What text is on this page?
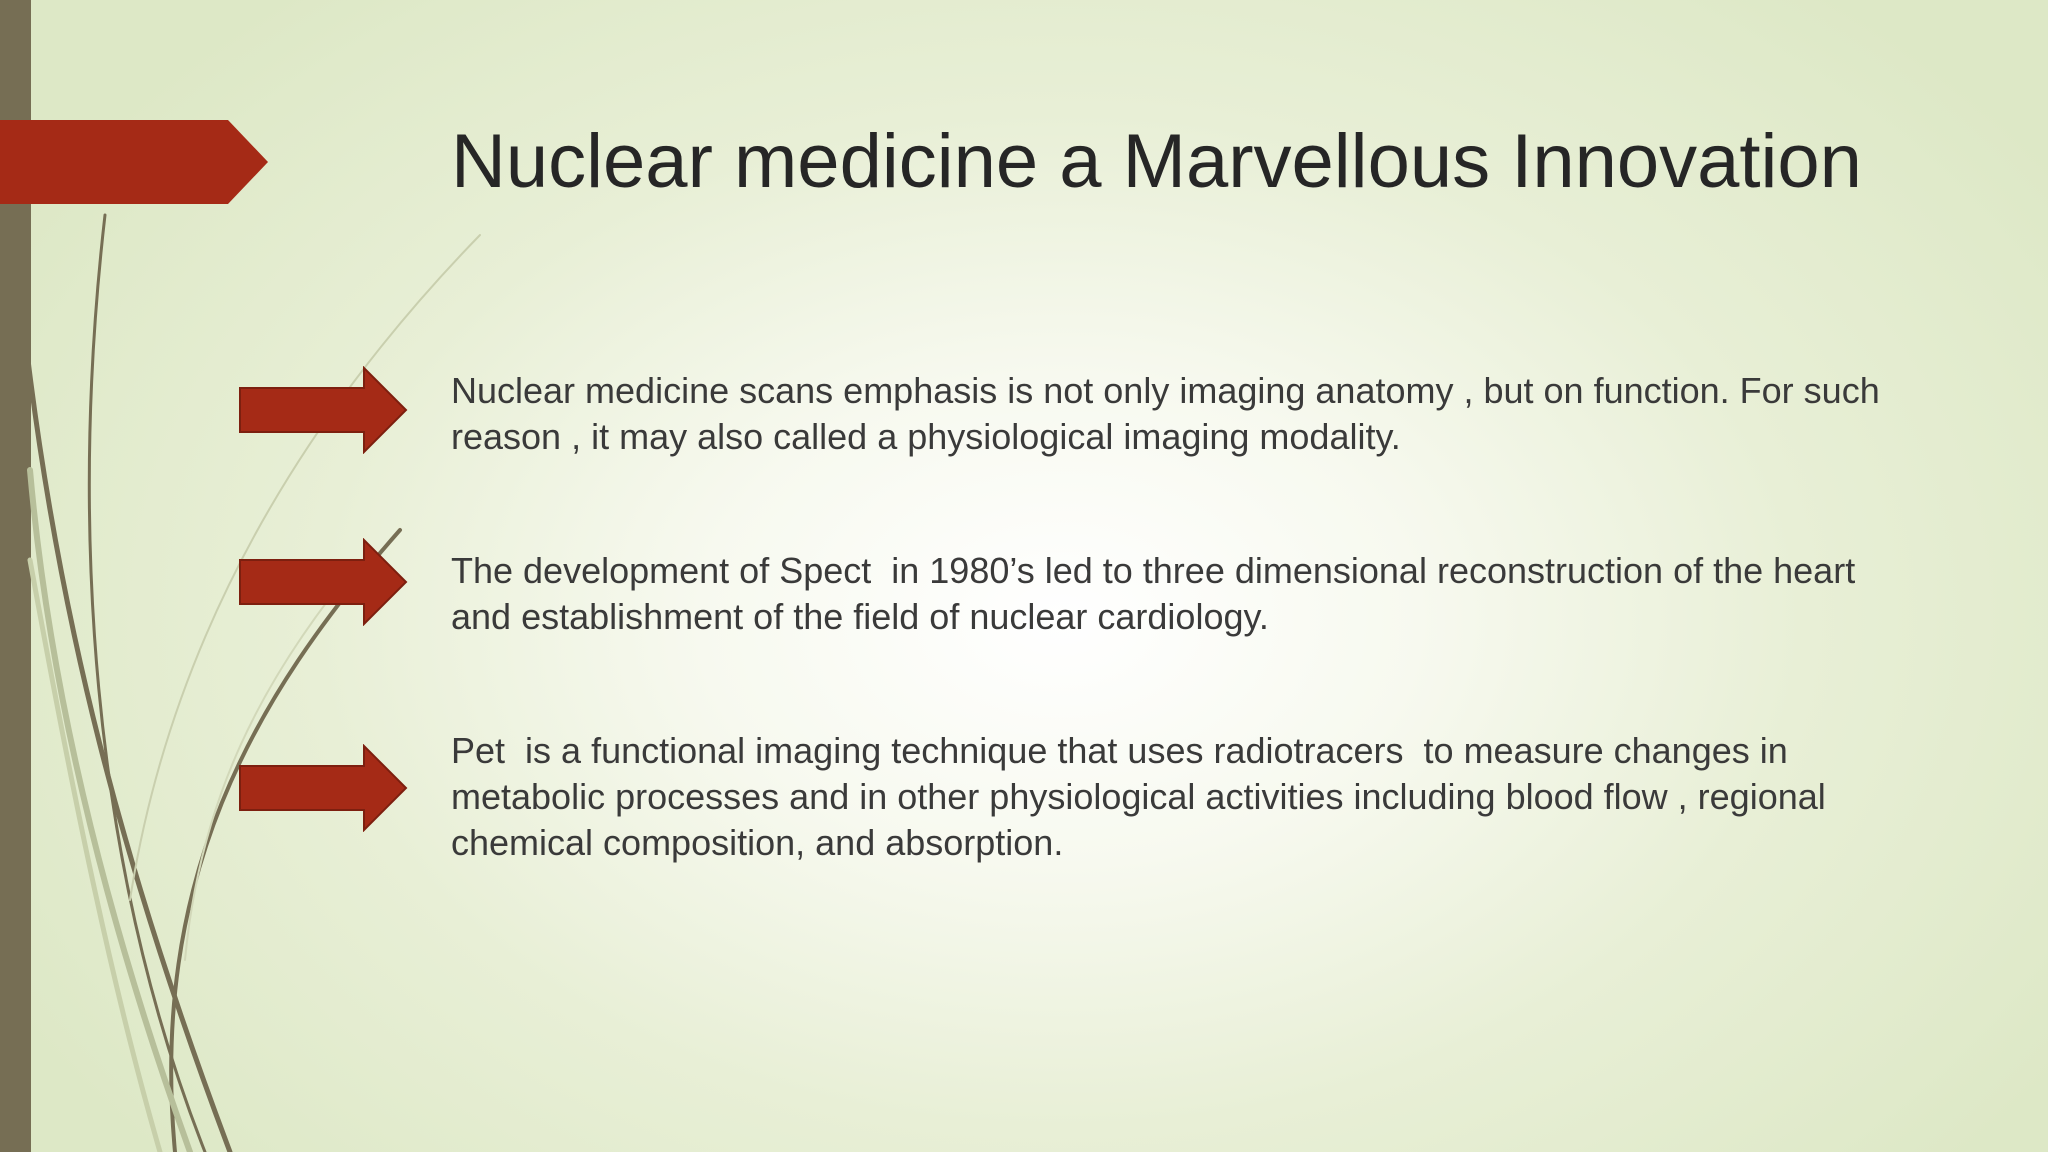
Nuclear medicine a Marvellous Innovation

Nuclear medicine scans emphasis is not only imaging anatomy , but on function. For such reason , it may also called a physiological imaging modality.

The development of Spect  in 1980’s led to three dimensional reconstruction of the heart and establishment of the field of nuclear cardiology.

Pet  is a functional imaging technique that uses radiotracers  to measure changes in metabolic processes and in other physiological activities including blood flow , regional chemical composition, and absorption.
